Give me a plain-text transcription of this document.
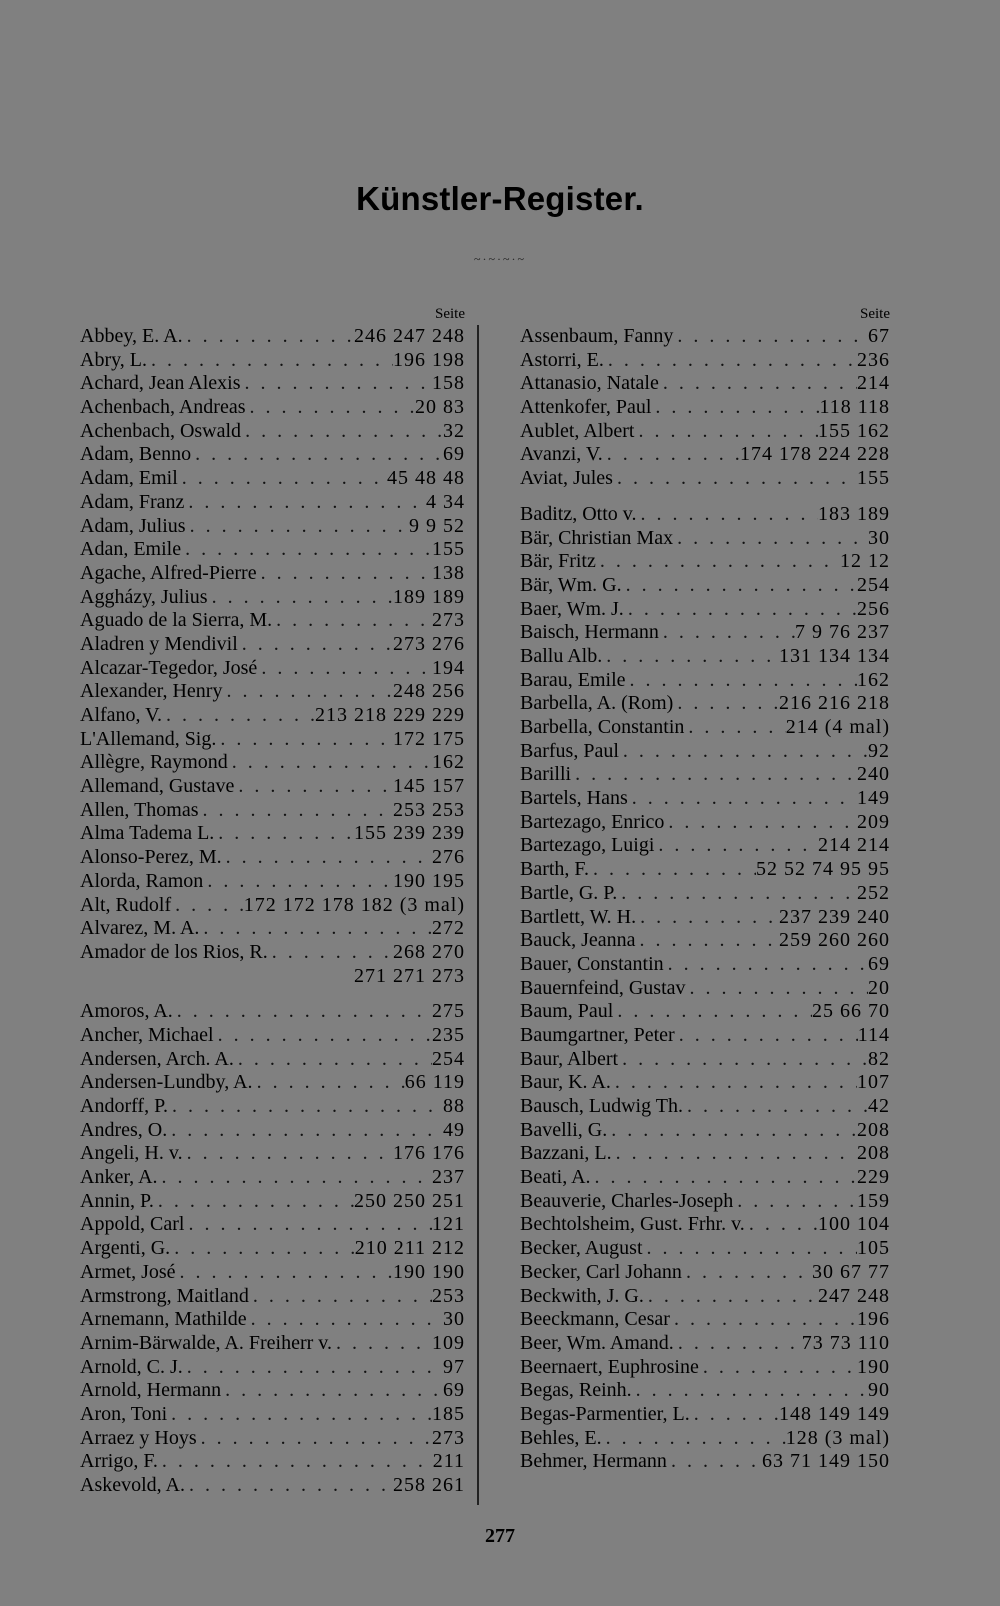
Künstler-Register.
~·~·~·~
Seite
Abbey, E. A. . . .	246 247 248
Abry, L. . . .	196 198
Achard, Jean Alexis . . .	158
Achenbach, Andreas . . .	20 83
Achenbach, Oswald . . .	32
Adam, Benno . . .	69
Adam, Emil . . .	45 48 48
Adam, Franz . . .	4 34
Adam, Julius . . .	9 9 52
Adan, Emile . . .	155
Agache, Alfred-Pierre . . .	138
Aggházy, Julius . . .	189 189
Aguado de la Sierra, M. . . .	273
Aladren y Mendivil . . .	273 276
Alcazar-Tegedor, José . . .	194
Alexander, Henry . . .	248 256
Alfano, V. . . .	213 218 229 229
L'Allemand, Sig. . . .	172 175
Allègre, Raymond . . .	162
Allemand, Gustave . . .	145 157
Allen, Thomas . . .	253 253
Alma Tadema L. . . .	155 239 239
Alonso-Perez, M. . . .	276
Alorda, Ramon . . .	190 195
Alt, Rudolf . . .	172 172 178 182 (3 mal)
Alvarez, M. A. . . .	272
Amador de los Rios, R. . . .	268 270
271 271 273
Amoros, A. . . .	275
Ancher, Michael . . .	235
Andersen, Arch. A. . . .	254
Andersen-Lundby, A. . . .	66 119
Andorff, P. . . .	88
Andres, O. . . .	49
Angeli, H. v. . . .	176 176
Anker, A. . . .	237
Annin, P. . . .	250 250 251
Appold, Carl . . .	121
Argenti, G. . . .	210 211 212
Armet, José . . .	190 190
Armstrong, Maitland . . .	253
Arnemann, Mathilde . . .	30
Arnim-Bärwalde, A. Freiherr v. . . .	109
Arnold, C. J. . . .	97
Arnold, Hermann . . .	69
Aron, Toni . . .	185
Arraez y Hoys . . .	273
Arrigo, F. . . .	211
Askevold, A. . . .	258 261
Seite
Assenbaum, Fanny . . .	67
Astorri, E. . . .	236
Attanasio, Natale . . .	214
Attenkofer, Paul . . .	118 118
Aublet, Albert . . .	155 162
Avanzi, V. . . .	174 178 224 228
Aviat, Jules . . .	155
Baditz, Otto v. . . .	183 189
Bär, Christian Max . . .	30
Bär, Fritz . . .	12 12
Bär, Wm. G. . . .	254
Baer, Wm. J. . . .	256
Baisch, Hermann . . .	7 9 76 237
Ballu Alb. . . .	131 134 134
Barau, Emile . . .	162
Barbella, A. (Rom) . . .	216 216 218
Barbella, Constantin . . .	214 (4 mal)
Barfus, Paul . . .	92
Barilli . . .	240
Bartels, Hans . . .	149
Bartezago, Enrico . . .	209
Bartezago, Luigi . . .	214 214
Barth, F. . . .	52 52 74 95 95
Bartle, G. P. . . .	252
Bartlett, W. H. . . .	237 239 240
Bauck, Jeanna . . .	259 260 260
Bauer, Constantin . . .	69
Bauernfeind, Gustav . . .	20
Baum, Paul . . .	25 66 70
Baumgartner, Peter . . .	114
Baur, Albert . . .	82
Baur, K. A. . . .	107
Bausch, Ludwig Th. . . .	42
Bavelli, G. . . .	208
Bazzani, L. . . .	208
Beati, A. . . .	229
Beauverie, Charles-Joseph . . .	159
Bechtolsheim, Gust. Frhr. v. . . .	100 104
Becker, August . . .	105
Becker, Carl Johann . . .	30 67 77
Beckwith, J. G. . . .	247 248
Beeckmann, Cesar . . .	196
Beer, Wm. Amand. . . .	73 73 110
Beernaert, Euphrosine . . .	190
Begas, Reinh. . . .	90
Begas-Parmentier, L. . . .	148 149 149
Behles, E. . . .	128 (3 mal)
Behmer, Hermann . . .	63 71 149 150
277
